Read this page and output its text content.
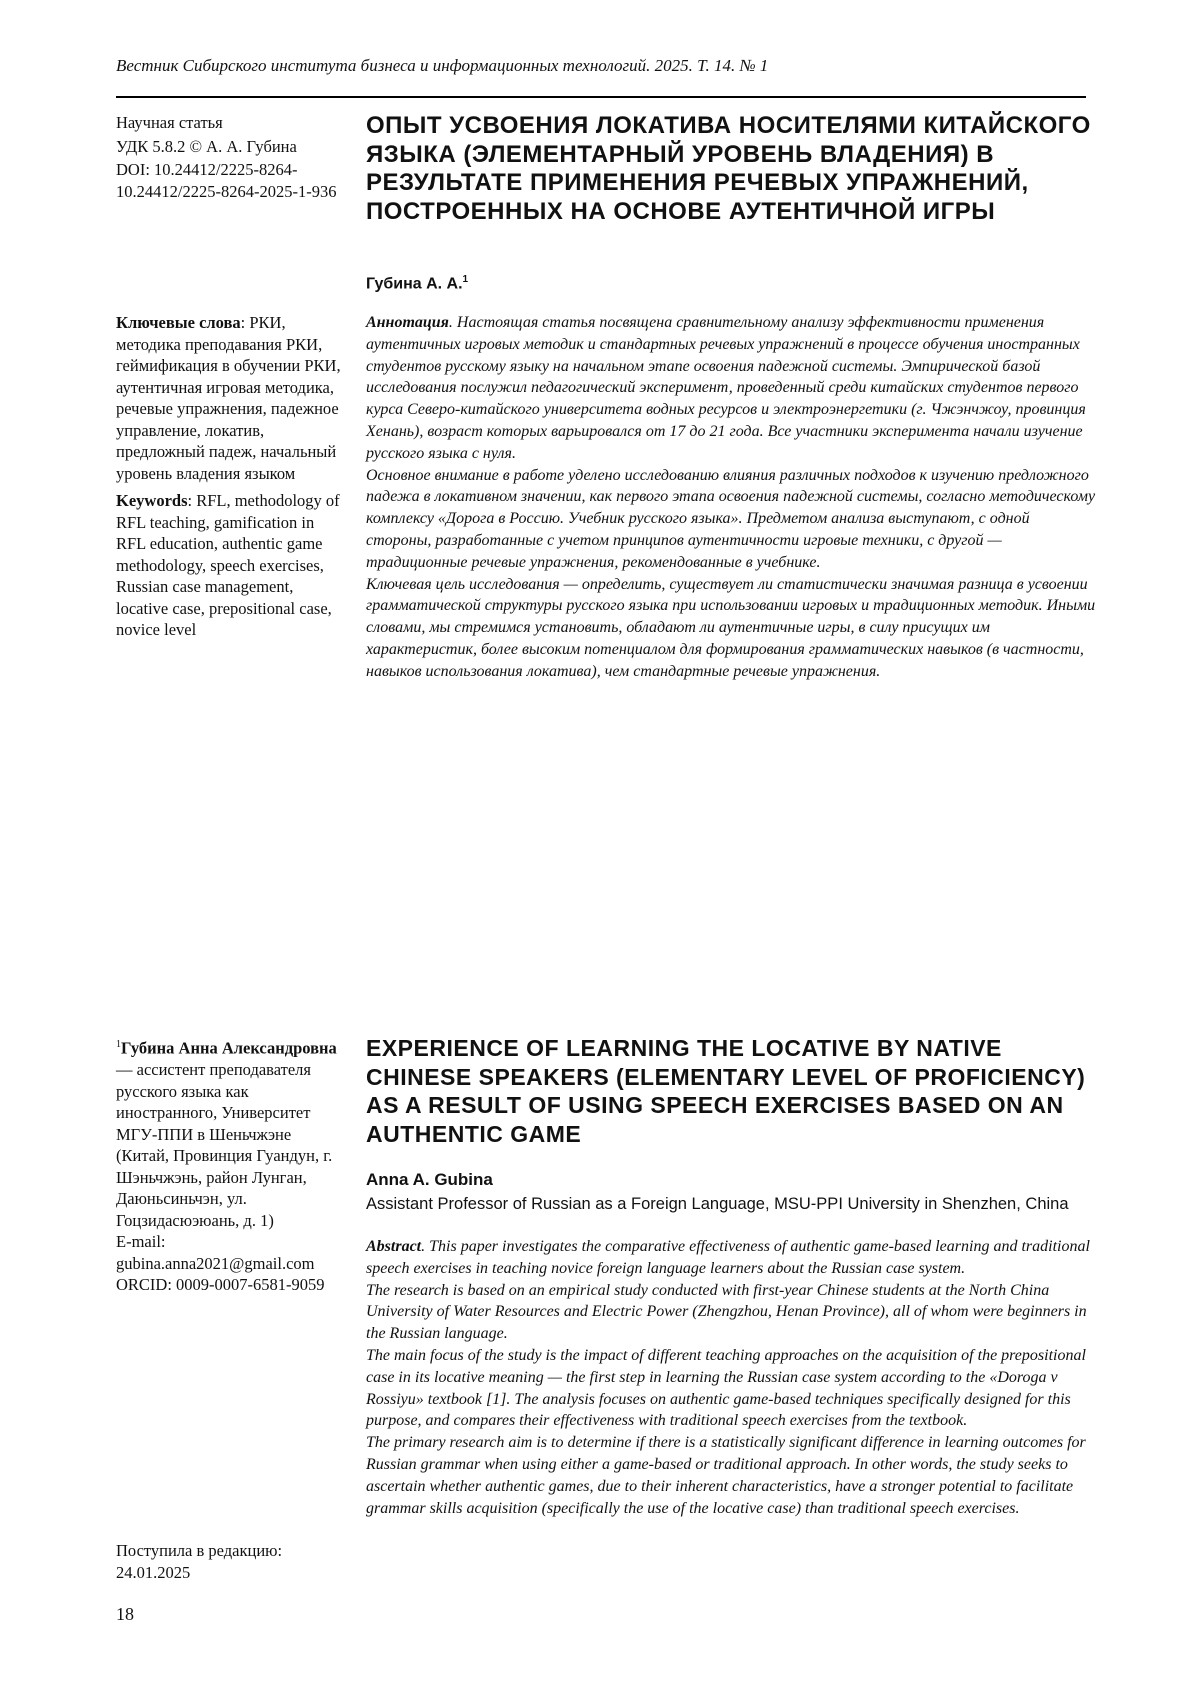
Вестник Сибирского института бизнеса и информационных технологий. 2025. Т. 14. № 1

Научная статья

УДК 5.8.2 © А. А. Губина

DOI: 10.24412/2225-8264-10.24412/2225-8264-2025-1-936

ОПЫТ УСВОЕНИЯ ЛОКАТИВА НОСИТЕЛЯМИ КИТАЙСКОГО ЯЗЫКА (ЭЛЕМЕНТАРНЫЙ УРОВЕНЬ ВЛАДЕНИЯ) В РЕЗУЛЬТАТЕ ПРИМЕНЕНИЯ РЕЧЕВЫХ УПРАЖНЕНИЙ, ПОСТРОЕННЫХ НА ОСНОВЕ АУТЕНТИЧНОЙ ИГРЫ
Губина А. А.1

Ключевые слова: РКИ, методика преподавания РКИ, геймификация в обучении РКИ, аутентичная игровая методика, речевые упражнения, падежное управление, локатив, предложный падеж, начальный уровень владения языком

Keywords: RFL, methodology of RFL teaching, gamification in RFL education, authentic game methodology, speech exercises, Russian case management, locative case, prepositional case, novice level

Аннотация. Настоящая статья посвящена сравнительному анализу эффективности применения аутентичных игровых методик и стандартных речевых упражнений в процессе обучения иностранных студентов русскому языку на начальном этапе освоения падежной системы. Эмпирической базой исследования послужил педагогический эксперимент, проведенный среди китайских студентов первого курса Северо-китайского университета водных ресурсов и электроэнергетики (г. Чжэнчжоу, провинция Хенань), возраст которых варьировался от 17 до 21 года. Все участники эксперимента начали изучение русского языка с нуля.

Основное внимание в работе уделено исследованию влияния различных подходов к изучению предложного падежа в локативном значении, как первого этапа освоения падежной системы, согласно методическому комплексу «Дорога в Россию. Учебник русского языка». Предметом анализа выступают, с одной стороны, разработанные с учетом принципов аутентичности игровые техники, с другой — традиционные речевые упражнения, рекомендованные в учебнике.

Ключевая цель исследования — определить, существует ли статистически значимая разница в усвоении грамматической структуры русского языка при использовании игровых и традиционных методик. Иными словами, мы стремимся установить, обладают ли аутентичные игры, в силу присущих им характеристик, более высоким потенциалом для формирования грамматических навыков (в частности, навыков использования локатива), чем стандартные речевые упражнения.

1Губина Анна Александровна — ассистент преподавателя русского языка как иностранного, Университет МГУ-ППИ в Шеньчжэне (Китай, Провинция Гуандун, г. Шэньчжэнь, район Лунган, Даюньсиньчэн, ул. Гоцзидасюэюань, д. 1)

E-mail: gubina.anna2021@gmail.com

ORCID: 0009-0007-6581-9059

EXPERIENCE OF LEARNING THE LOCATIVE BY NATIVE CHINESE SPEAKERS (ELEMENTARY LEVEL OF PROFICIENCY) AS A RESULT OF USING SPEECH EXERCISES BASED ON AN AUTHENTIC GAME
Anna A. Gubina
Assistant Professor of Russian as a Foreign Language, MSU-PPI University in Shenzhen, China

Abstract. This paper investigates the comparative effectiveness of authentic game-based learning and traditional speech exercises in teaching novice foreign language learners about the Russian case system.

The research is based on an empirical study conducted with first-year Chinese students at the North China University of Water Resources and Electric Power (Zhengzhou, Henan Province), all of whom were beginners in the Russian language.

The main focus of the study is the impact of different teaching approaches on the acquisition of the prepositional case in its locative meaning — the first step in learning the Russian case system according to the «Doroga v Rossiyu» textbook [1]. The analysis focuses on authentic game-based techniques specifically designed for this purpose, and compares their effectiveness with traditional speech exercises from the textbook.

The primary research aim is to determine if there is a statistically significant difference in learning outcomes for Russian grammar when using either a game-based or traditional approach. In other words, the study seeks to ascertain whether authentic games, due to their inherent characteristics, have a stronger potential to facilitate grammar skills acquisition (specifically the use of the locative case) than traditional speech exercises.

Поступила в редакцию:

24.01.2025

18
